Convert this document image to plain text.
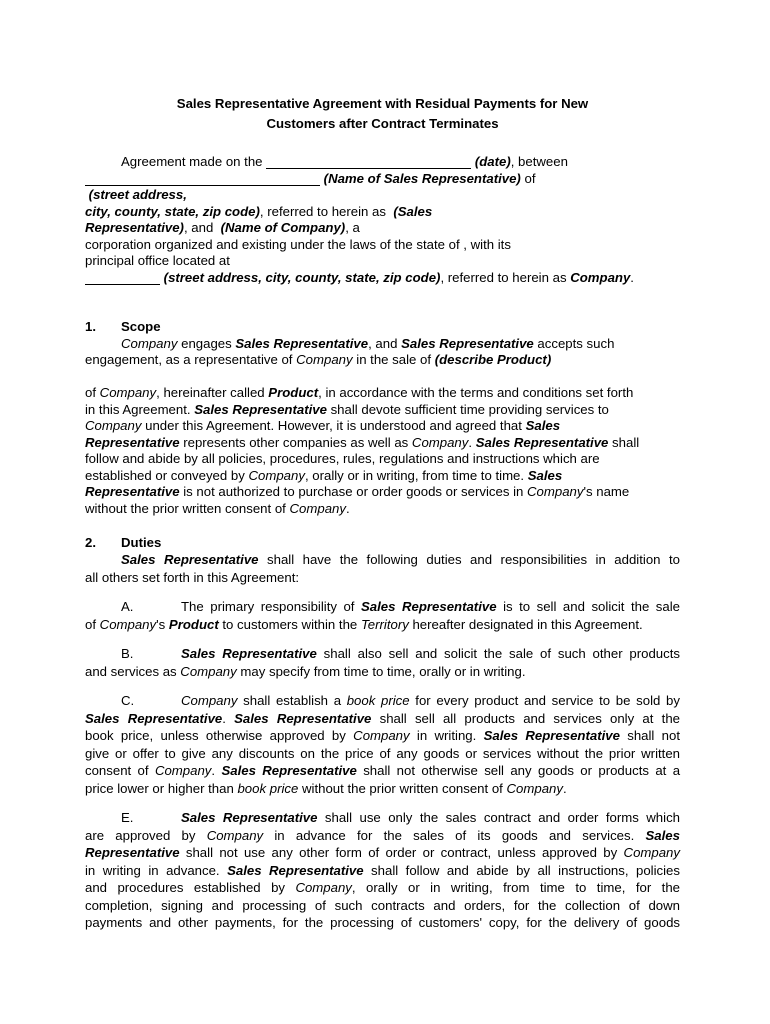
Sales Representative Agreement with Residual Payments for New
Customers after Contract Terminates
Agreement made on the
	(date) , between

(Name of Sales Representative) of

(street address,
city, county, state, zip code) , referred to herein as
(Sales
Representative) , and
(Name of Company) , a
corporation organized and existing under the laws of the state of , with its
principal office located at

(street address, city, county, state, zip code) , referred to herein as Company .
1. Scope
Company engages Sales Representative, and Sales Representative accepts such
engagement, as a representative of Company in the sale of (describe Product)

of Company, hereinafter called Product, in accordance with the terms and conditions set forth
in this Agreement. Sales Representative shall devote sufficient time providing services to
Company under this Agreement. However, it is understood and agreed that Sales
Representative represents other companies as well as Company. Sales Representative shall
follow and abide by all policies, procedures, rules, regulations and instructions which are
established or conveyed by Company, orally or in writing, from time to time. Sales
Representative is not authorized to purchase or order goods or services in Company's name
without the prior written consent of Company.
2. Duties
Sales Representative shall have the following duties and responsibilities in addition to
all others set forth in this Agreement:
A.	The primary responsibility of Sales Representative is to sell and solicit the sale
of Company's Product to customers within the Territory hereafter designated in this Agreement.
B.	Sales Representative shall also sell and solicit the sale of such other products
and services as Company may specify from time to time, orally or in writing.
C.	Company shall establish a book price for every product and service to be sold by
Sales Representative. Sales Representative shall sell all products and services only at the
book price, unless otherwise approved by Company in writing. Sales Representative shall not
give or offer to give any discounts on the price of any goods or services without the prior written
consent of Company. Sales Representative shall not otherwise sell any goods or products at a
price lower or higher than book price without the prior written consent of Company.
E.	Sales Representative shall use only the sales contract and order forms which
are approved by Company in advance for the sales of its goods and services. Sales
Representative shall not use any other form of order or contract, unless approved by Company
in writing in advance. Sales Representative shall follow and abide by all instructions, policies
and procedures established by Company, orally or in writing, from time to time, for the
completion, signing and processing of such contracts and orders, for the collection of down
payments and other payments, for the processing of customers' copy, for the delivery of goods
